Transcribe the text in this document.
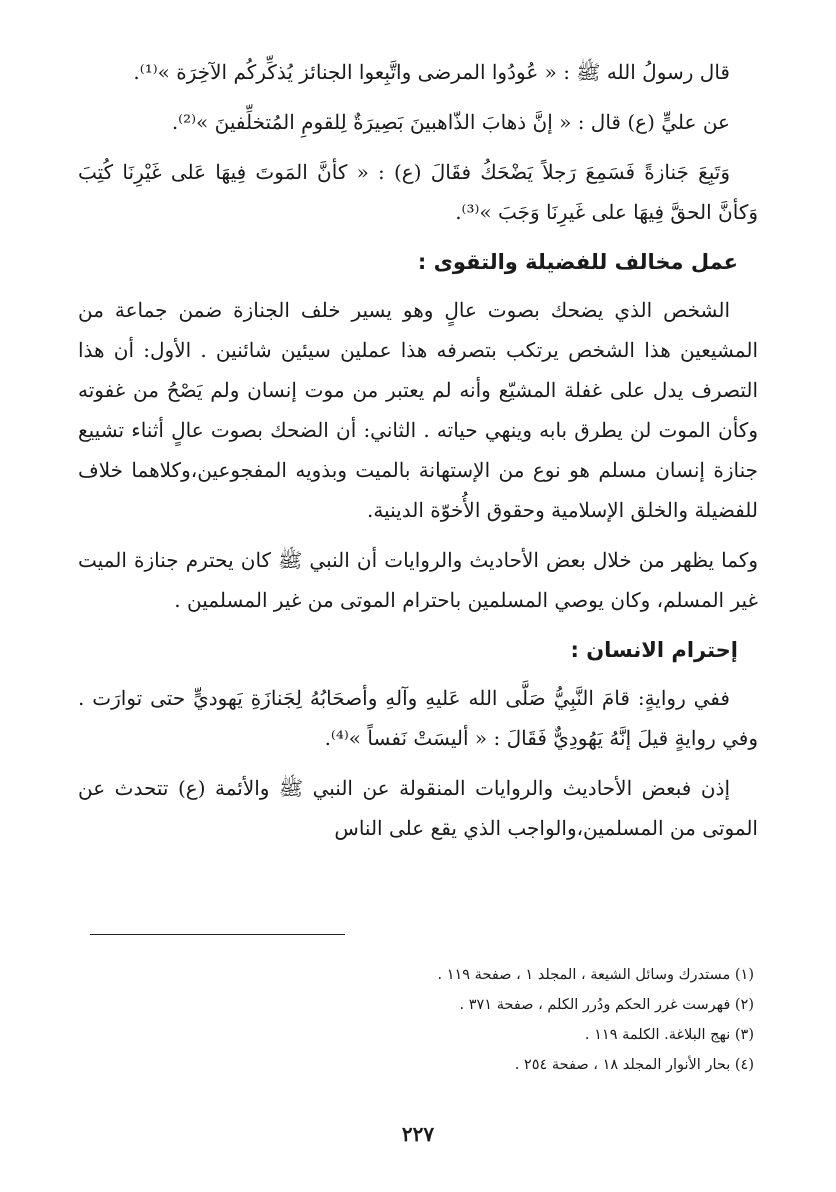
قال رسولُ الله ﷺ : « عُودُوا المرضى واتَّبِعوا الجنائز يُذكِّركُم الآخِرَة »⁽¹⁾.

عن عليٍّ (ع) قال : « إنَّ ذهابَ الذّاهبينَ بَصِيرَةٌ لِلقومِ المُتخلِّفينَ »⁽²⁾.

وَتَبِعَ جَنازةً فَسَمِعَ رَجلاً يَضْحَكُ فقَالَ (ع) : « كأنَّ المَوتَ فِيهَا عَلى غَيْرِنَا كُتِبَ وَكأنَّ الحقَّ فِيهَا على غَيرِنَا وَجَبَ »⁽³⁾.

عمل مخالف للفضيلة والتقوى :

الشخص الذي يضحك بصوت عالٍ وهو يسير خلف الجنازة ضمن جماعة من المشيعين هذا الشخص يرتكب بتصرفه هذا عملين سيئين شائنين . الأول: أن هذا التصرف يدل على غفلة المشيّع وأنه لم يعتبر من موت إنسان ولم يَصْحُ من غفوته وكأن الموت لن يطرق بابه وينهي حياته . الثاني: أن الضحك بصوت عالٍ أثناء تشييع جنازة إنسان مسلم هو نوع من الإستهانة بالميت وبذويه المفجوعين،وكلاهما خلاف للفضيلة والخلق الإسلامية وحقوق الأُخوّة الدينية.

وكما يظهر من خلال بعض الأحاديث والروايات أن النبي ﷺ كان يحترم جنازة الميت غير المسلم، وكان يوصي المسلمين باحترام الموتى من غير المسلمين .

إحترام الانسان :

ففي روايةٍ: قامَ النَّبِيُّ صَلَّى الله عَليهِ وآلهِ وأصحَابُهُ لِجَنازَةِ يَهوديٍّ حتى توارَت . وفي روايةٍ قيلَ إنَّهُ يَهُودِيٌّ فَقَالَ : « أليسَتْ نَفساً »⁽⁴⁾.

إذن فبعض الأحاديث والروايات المنقولة عن النبي ﷺ والأئمة (ع) تتحدث عن الموتى من المسلمين،والواجب الذي يقع على الناس

(١) مستدرك وسائل الشيعة ، المجلد ١ ، صفحة ١١٩ .

(٢) فهرست غرر الحكم ودُرر الكلم ، صفحة ٣٧١ .

(٣) نهج البلاغة. الكلمة ١١٩ .

(٤) بحار الأنوار المجلد ١٨ ، صفحة ٢٥٤ .

٢٢٧
